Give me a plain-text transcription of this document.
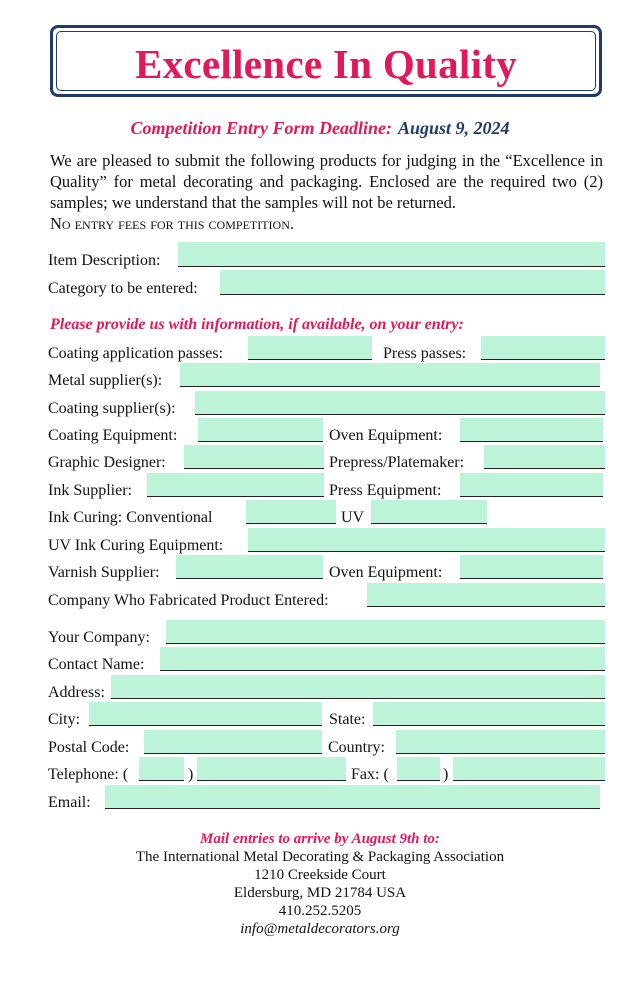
Excellence In Quality
Competition Entry Form Deadline: August 9, 2024
We are pleased to submit the following products for judging in the “Excellence in Quality” for metal decorating and packaging. Enclosed are the required two (2) samples; we understand that the samples will not be returned.
No entry fees for this competition.
Item Description:
Category to be entered:
Please provide us with information, if available, on your entry:
Coating application passes:	Press passes:
Metal supplier(s):
Coating supplier(s):
Coating Equipment:	Oven Equipment:
Graphic Designer:	Prepress/Platemaker:
Ink Supplier:	Press Equipment:
Ink Curing: Conventional	UV
UV Ink Curing Equipment:
Varnish Supplier:	Oven Equipment:
Company Who Fabricated Product Entered:
Your Company:
Contact Name:
Address:
City:	State:
Postal Code:	Country:
Telephone: (	)	Fax: (	)
Email:
Mail entries to arrive by August 9th to:
The International Metal Decorating & Packaging Association
1210 Creekside Court
Eldersburg, MD 21784 USA
410.252.5205
info@metaldecorators.org
